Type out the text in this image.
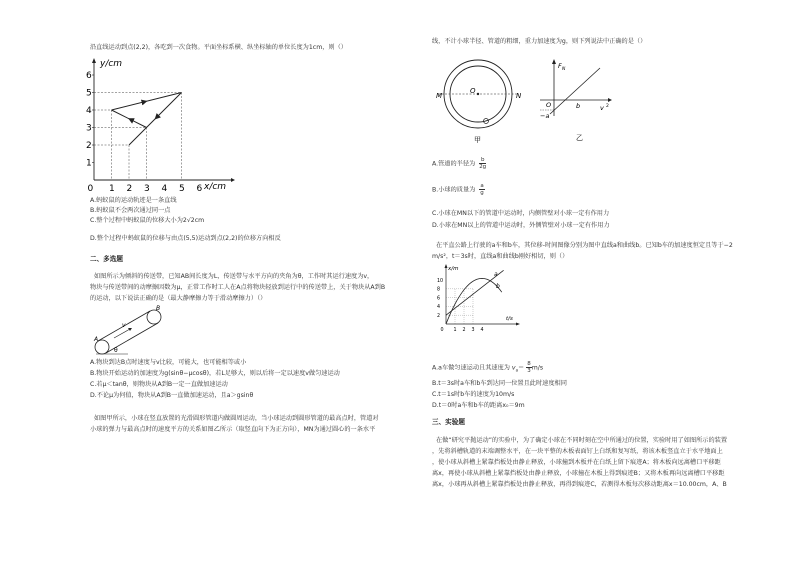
沿直线运动到点(2,2)，各吃到一次食物。平面坐标系横、纵坐标轴的单位长度为1cm，则（）
1
2
3
4
5
6
0 1 2 3 4 5 6
y/cm
x/cm
A.蚂蚁鼠的运动轨迹是一条直线
B.蚂蚁鼠不会两次通过同一点
C.整个过程中蚂蚁鼠的位移大小为2√2cm
D.整个过程中蚂蚁鼠的位移与由点(5,5)运动到点(2,2)的位移方向相反
二、多选题
如图所示为倾斜的传送带，已知AB间长度为L，传送带与水平方向的夹角为θ，工作时其运行速度为v，
物块与传送带间的动摩擦因数为μ，正常工作时工人在A点将物块轻放到运行中的传送带上，关于物块从A到B
的运动，以下说法正确的是（最大静摩擦力等于滑动摩擦力）（）
A
B
v
θ
A.物块到达B点时速度与v比较，可能大，也可能相等或小
B.物块开始运动的加速度为g(sinθ−μcosθ)，若L足够大，则以后将一定以速度v做匀速运动
C.若μ＜tanθ，则物块从A到B一定一直做加速运动
D.不论μ为何值，物块从A到B一直做加速运动，且a＞gsinθ
如图甲所示，小球在竖直放置的光滑圆形管道内做圆周运动，当小球运动到圆形管道的最高点时，管道对
小球的弹力与最高点时的速度平方的关系如图乙所示（取竖直向下为正方向），MN为通过圆心的一条水平
线，不计小球半径、管道的粗细，重力加速度为g，则下列说法中正确的是（）
M	N
O
甲
F N
O	b
−a
v 2
乙
A.管道的半径为 $\frac{b}{2g}$
B.小球的质量为 $\frac{a}{g}$
C.小球在MN以下的管道中运动时，内侧管壁对小球一定有作用力
D.小球在MN以上的管道中运动时，外侧管壁对小球一定有作用力
在平直公路上行驶的a车和b车，其位移-时间图像分别为图中直线a和曲线b。已知b车的加速度恒定且等于−2
m/s²，t＝3s时，直线a和曲线b刚好相切，则（）
2
4
6
8
10
0 1 2 3 4
x/m
t/s
a
b
A.a车做匀速运动且其速度为 $v_a= \frac{8}{3} m/s$
B.t＝3s时a车和b车到达同一位置且此时速度相同
C.t＝1s时b车的速度为10m/s
D.t＝0时a车和b车的距离x₀＝9m
三、实验题
在做“研究平抛运动”的实验中，为了确定小球在不同时刻在空中所通过的位置，实验时用了如图所示的装置
，先将斜槽轨道的末端调整水平，在一块平整的木板表面钉上白纸和复写纸，将该木板竖直立于水平地面上
，使小球从斜槽上紧靠挡板处由静止释放，小球撞到木板并在白纸上留下痕迹A；将木板向远离槽口平移距
离x，再使小球从斜槽上紧靠挡板处由静止释放，小球撞在木板上得到痕迹B；又将木板再向远离槽口平移距
离x，小球再从斜槽上紧靠挡板处由静止释放，再得到痕迹C，若测得木板每次移动距离x＝10.00cm，A、B
